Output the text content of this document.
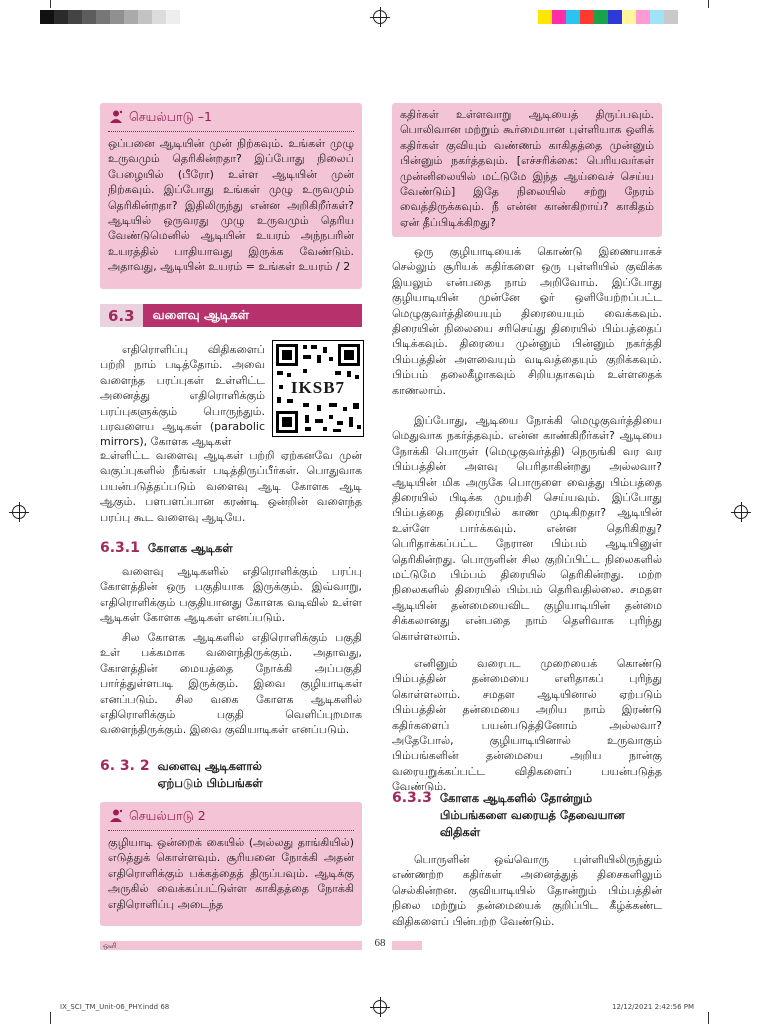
செயல்பாடு –1

ஒப்பனை ஆடியின் முன் நிற்கவும். உங்கள் முழு உருவமும் தெரிகின்றதா? இப்போது நிலைப் பேழையில் (பீரோ) உள்ள ஆடியின் முன் நிற்கவும். இப்போது உங்கள் முழு உருவமும் தெரிகின்றதா? இதிலிருந்து என்ன அறிகிறீர்கள்? ஆடியில் ஒருவரது முழு உருவமும் தெரிய வேண்டுமெனில் ஆடியின் உயரம் அந்நபரின் உயரத்தில் பாதியாவது இருக்க வேண்டும். அதாவது, ஆடியின் உயரம் = உங்கள் உயரம் / 2

6.3	வளைவு ஆடிகள்
IKSB7

எதிரொளிப்பு விதிகளைப் பற்றி நாம் படித்தோம். அவை வளைந்த பரப்புகள் உள்ளிட்ட அனைத்து எதிரொளிக்கும் பரப்புகளுக்கும் பொருந்தும். பரவளைய ஆடிகள் (parabolic mirrors), கோளக ஆடிகள்

உள்ளிட்ட வளைவு ஆடிகள் பற்றி ஏற்கனவே முன் வகுப்புகளில் நீங்கள் படித்திருப்பீர்கள். பொதுவாக பயன்படுத்தப்படும் வளைவு ஆடி கோளக ஆடி ஆகும். பளபளப்பான கரண்டி ஒன்றின் வளைந்த பரப்பு கூட வளைவு ஆடியே.

6.3.1 கோளக ஆடிகள்

வளைவு ஆடிகளில் எதிரொளிக்கும் பரப்பு கோளத்தின் ஒரு பகுதியாக இருக்கும். இவ்வாறு, எதிரொளிக்கும் பகுதியானது கோளக வடிவில் உள்ள ஆடிகள் கோளக ஆடிகள் எனப்படும்.

சில கோளக ஆடிகளில் எதிரொளிக்கும் பகுதி உள் பக்கமாக வளைந்திருக்கும். அதாவது, கோளத்தின் மையத்தை நோக்கி அப்பகுதி பார்த்துள்ளபடி இருக்கும். இவை குழியாடிகள் எனப்படும். சில வகை கோளக ஆடிகளில் எதிரொளிக்கும் பகுதி வெளிப்புறமாக வளைந்திருக்கும். இவை குவியாடிகள் எனப்படும்.

6. 3. 2 வளைவு ஆடிகளால் ஏற்படும் பிம்பங்கள்
செயல்பாடு 2

குழியாடி ஒன்றைக் கையில் (அல்லது தாங்கியில்) எடுத்துக் கொள்ளவும். சூரியனை நோக்கி அதன் எதிரொளிக்கும் பக்கத்தைத் திருப்பவும். ஆடிக்கு அருகில் வைக்கப்பட்டுள்ள காகிதத்தை நோக்கி எதிரொளிப்பு அடைந்த

கதிர்கள் உள்ளவாறு ஆடியைத் திருப்பவும். பொலிவான மற்றும் கூர்மையான புள்ளியாக ஒளிக் கதிர்கள் குவியும் வண்ணம் காகிதத்தை முன்னும் பின்னும் நகர்த்தவும். [எச்சரிக்கை: பெரியவர்கள் முன்னிலையில் மட்டுமே இந்த ஆய்வைச் செய்ய வேண்டும்] இதே நிலையில் சற்று நேரம் வைத்திருக்கவும். நீ என்ன காண்கிறாய்? காகிதம் ஏன் தீப்பிடிக்கிறது?

ஒரு குழியாடியைக் கொண்டு இணையாகச் செல்லும் சூரியக் கதிர்களை ஒரு புள்ளியில் குவிக்க இயலும் என்பதை நாம் அறிவோம். இப்போது குழியாடியின் முன்னே ஓர் ஒளியேற்றப்பட்ட மெழுகுவர்த்தியையும் திரையையும் வைக்கவும். திரையின் நிலையை சரிசெய்து திரையில் பிம்பத்தைப் பிடிக்கவும். திரையை முன்னும் பின்னும் நகர்த்தி பிம்பத்தின் அளவையும் வடிவத்தையும் குறிக்கவும். பிம்பம் தலைகீழாகவும் சிறியதாகவும் உள்ளதைக் காணலாம்.

இப்போது, ஆடியை நோக்கி மெழுகுவர்த்தியை மெதுவாக நகர்த்தவும். என்ன காண்கிறீர்கள்? ஆடியை நோக்கி பொருள் (மெழுகுவர்த்தி) நெருங்கி வர வர பிம்பத்தின் அளவு பெரிதாகின்றது அல்லவா? ஆடியின் மிக அருகே பொருளை வைத்து பிம்பத்தை திரையில் பிடிக்க முயற்சி செய்யவும். இப்போது பிம்பத்தை திரையில் காண முடிகிறதா? ஆடியின் உள்ளே பார்க்கவும். என்ன தெரிகிறது? பெரிதாக்கப்பட்ட நேரான பிம்பம் ஆடியினுள் தெரிகின்றது. பொருளின் சில குறிப்பிட்ட நிலைகளில் மட்டுமே பிம்பம் திரையில் தெரிகின்றது. மற்ற நிலைகளில் திரையில் பிம்பம் தெரிவதில்லை. சமதள ஆடியின் தன்மையைவிட குழியாடியின் தன்மை சிக்கலானது என்பதை நாம் தெளிவாக புரிந்து கொள்ளலாம்.

எனினும் வரைபட முறையைக் கொண்டு பிம்பத்தின் தன்மையை எளிதாகப் புரிந்து கொள்ளலாம். சமதள ஆடியினால் ஏற்படும் பிம்பத்தின் தன்மையை அறிய நாம் இரண்டு கதிர்களைப் பயன்படுத்தினோம் அல்லவா? அதேபோல், குழியாடியினால் உருவாகும் பிம்பங்களின் தன்மையை அறிய நான்கு வரையறுக்கப்பட்ட விதிகளைப் பயன்படுத்த வேண்டும்.

6.3.3 கோளக ஆடிகளில் தோன்றும் பிம்பங்களை வரையத் தேவையான விதிகள்

பொருளின் ஒவ்வொரு புள்ளியிலிருந்தும் எண்ணற்ற கதிர்கள் அனைத்துத் திசைகளிலும் செல்கின்றன. குவியாடியில் தோன்றும் பிம்பத்தின் நிலை மற்றும் தன்மையைக் குறிப்பிட கீழ்க்கண்ட விதிகளைப் பின்பற்ற வேண்டும்.

ஒளி	68
IX_SCI_TM_Unit-06_PHY.indd 68	12/12/2021 2:42:56 PM
